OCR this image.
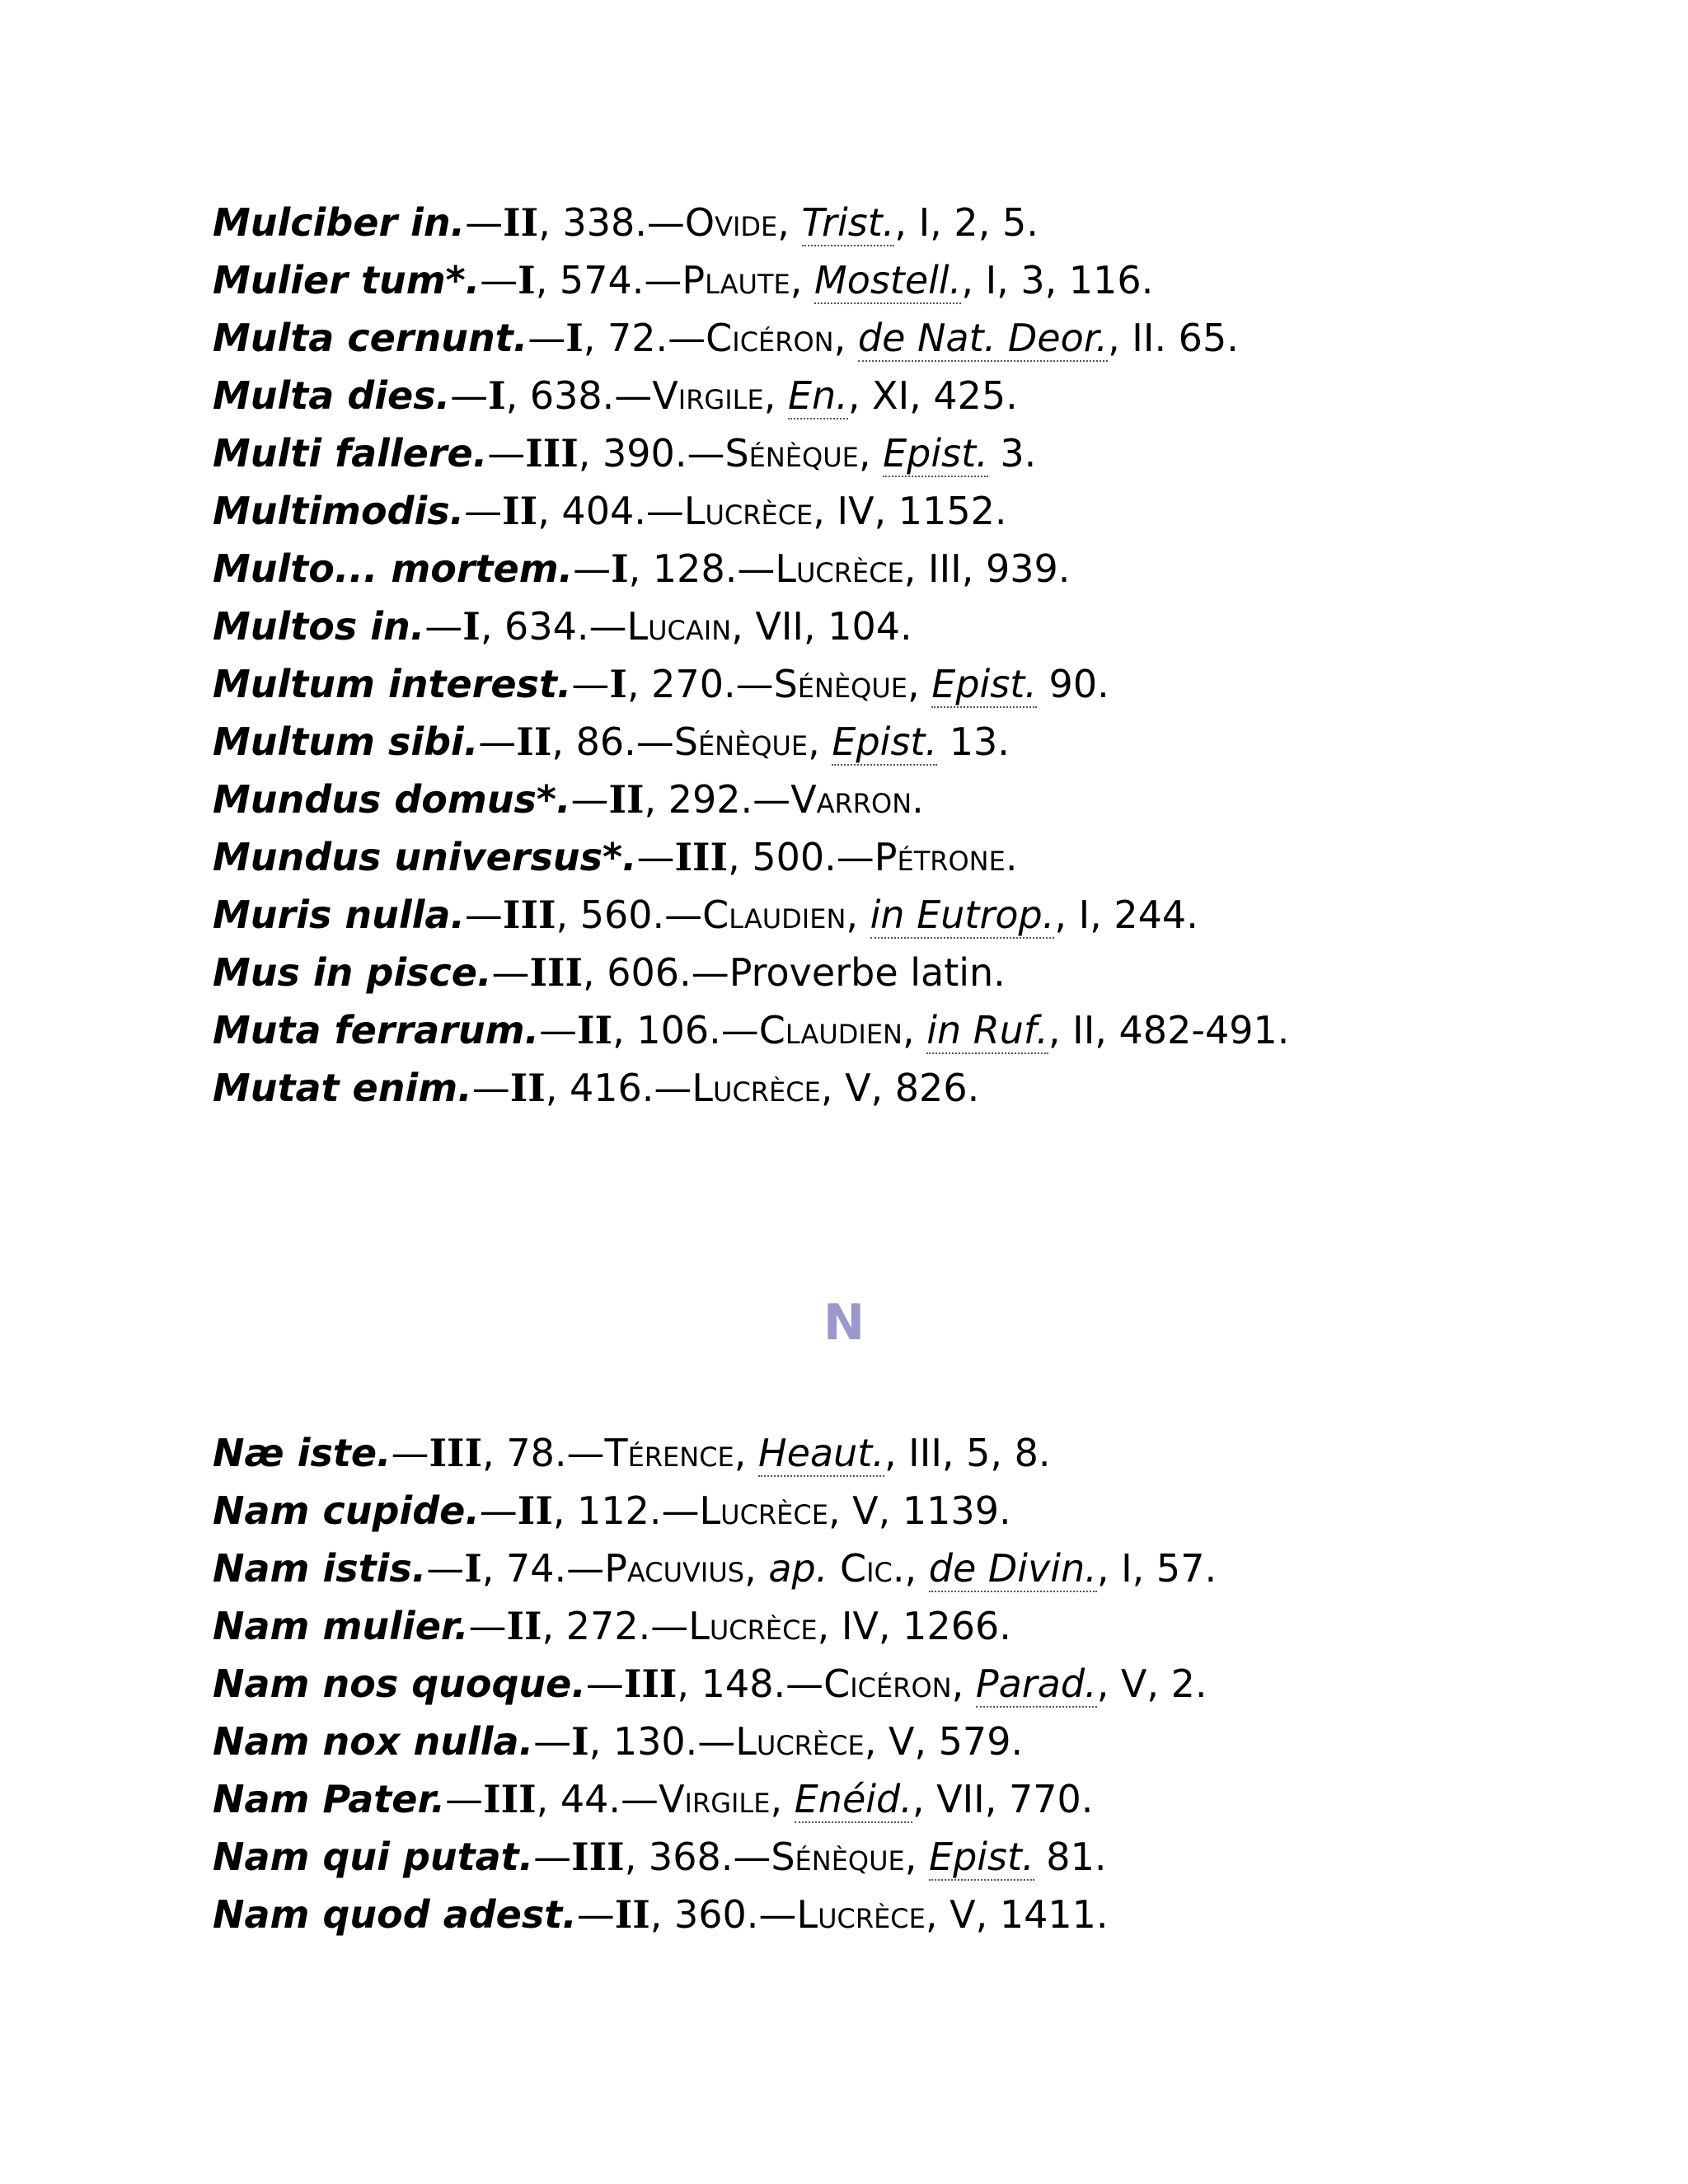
Mulciber in.—II, 338.—Ovide, Trist., I, 2, 5.
Mulier tum*.—I, 574.—Plaute, Mostell., I, 3, 116.
Multa cernunt.—I, 72.—Cicéron, de Nat. Deor., II. 65.
Multa dies.—I, 638.—Virgile, En., XI, 425.
Multi fallere.—III, 390.—Sénèque, Epist. 3.
Multimodis.—II, 404.—Lucrèce, IV, 1152.
Multo... mortem.—I, 128.—Lucrèce, III, 939.
Multos in.—I, 634.—Lucain, VII, 104.
Multum interest.—I, 270.—Sénèque, Epist. 90.
Multum sibi.—II, 86.—Sénèque, Epist. 13.
Mundus domus*.—II, 292.—Varron.
Mundus universus*.—III, 500.—Pétrone.
Muris nulla.—III, 560.—Claudien, in Eutrop., I, 244.
Mus in pisce.—III, 606.—Proverbe latin.
Muta ferrarum.—II, 106.—Claudien, in Ruf., II, 482-491.
Mutat enim.—II, 416.—Lucrèce, V, 826.
N
Næ iste.—III, 78.—Térence, Heaut., III, 5, 8.
Nam cupide.—II, 112.—Lucrèce, V, 1139.
Nam istis.—I, 74.—Pacuvius, ap. Cic., de Divin., I, 57.
Nam mulier.—II, 272.—Lucrèce, IV, 1266.
Nam nos quoque.—III, 148.—Cicéron, Parad., V, 2.
Nam nox nulla.—I, 130.—Lucrèce, V, 579.
Nam Pater.—III, 44.—Virgile, Enéid., VII, 770.
Nam qui putat.—III, 368.—Sénèque, Epist. 81.
Nam quod adest.—II, 360.—Lucrèce, V, 1411.
